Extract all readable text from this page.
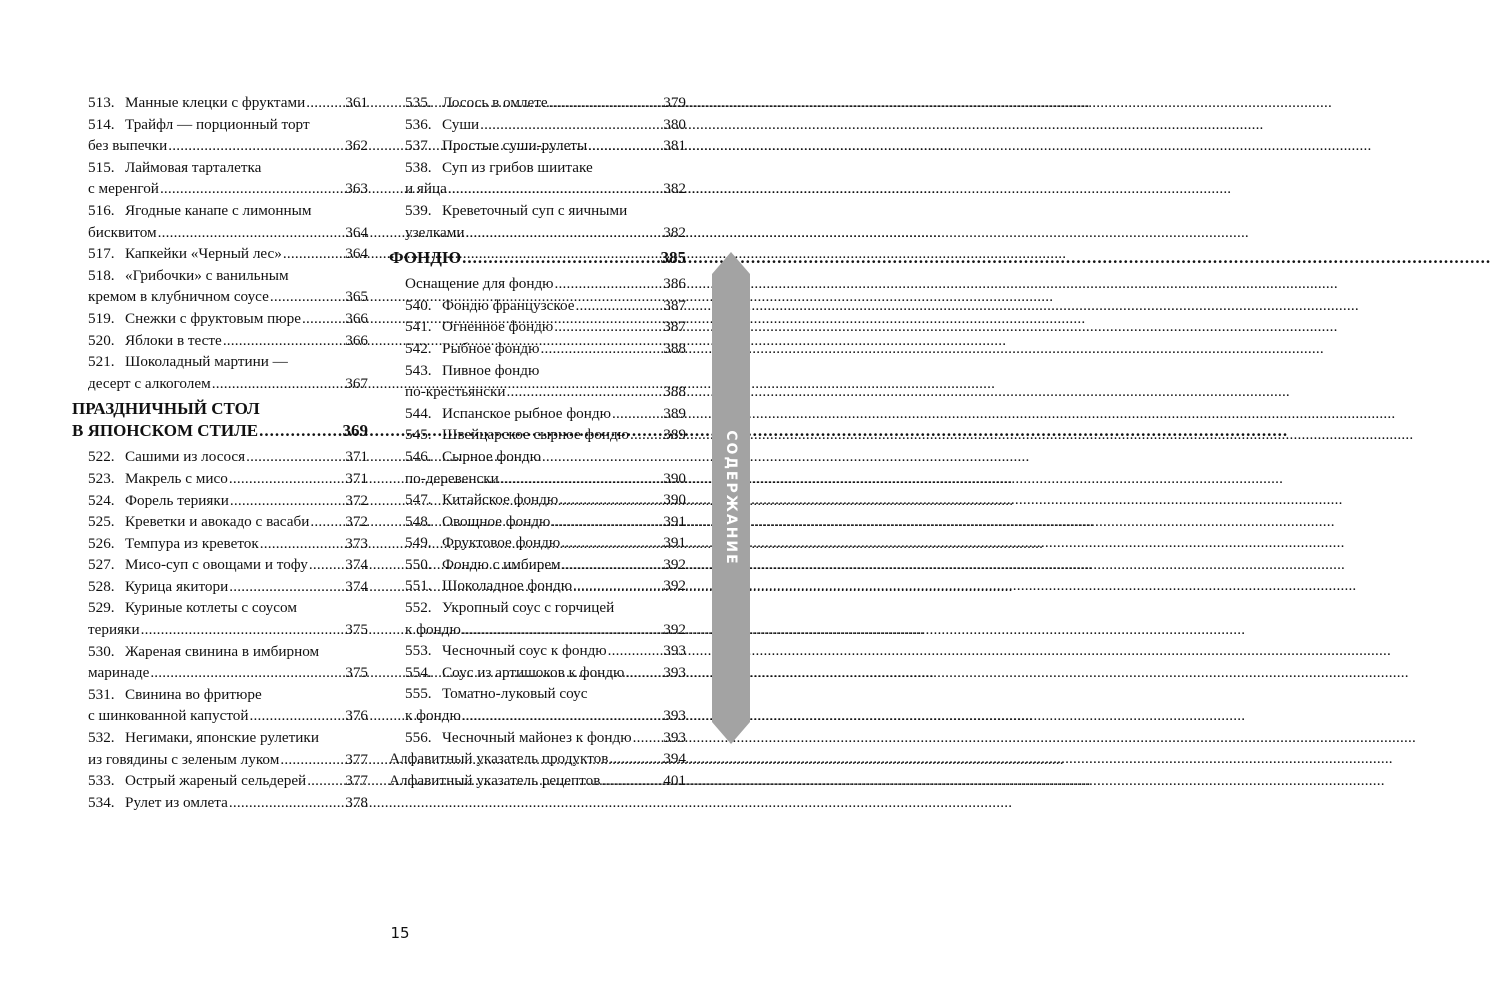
513. Манные клецки с фруктами .....	361
514. Трайфл — порционный торт
без выпечки .....	362
515. Лаймовая тарталетка
с меренгой .....	363
516. Ягодные канапе с лимонным
бисквитом .....	364
517. Капкейки «Черный лес» .....	364
518. «Грибочки» с ванильным
кремом в клубничном соусе .....	365
519. Снежки с фруктовым пюре .....	366
520. Яблоки в тесте .....	366
521. Шоколадный мартини —
десерт с алкоголем .....	367
ПРАЗДНИЧНЫЙ СТОЛ
В ЯПОНСКОМ СТИЛЕ .....	369
522. Сашими из лосося .....	371
523. Макрель с мисо .....	371
524. Форель терияки .....	372
525. Креветки и авокадо с васаби ..... 372
526. Темпура из креветок .....	373
527. Мисо-суп с овощами и тофу ..... 374
528. Курица якитори .....	374
529. Куриные котлеты с соусом
терияки .....	375
530. Жареная свинина в имбирном
маринаде .....	375
531. Свинина во фритюре
с шинкованной капустой .....	376
532. Негимаки, японские рулетики
из говядины с зеленым луком .....	377
533. Острый жареный сельдерей .....	377
534. Рулет из омлета .....	378
535. Лосось в омлете .....	379
536. Суши .....	380
537. Простые суши-рулеты .....	381
538. Суп из грибов шиитаке
и яйца .....	382
539. Креветочный суп с яичными
узелками .....	382
ФОНДЮ .....	385
Оснащение для фондю .....	386
540. Фондю французское .....	387
541. Огненное фондю .....	387
542. Рыбное фондю .....	388
543. Пивное фондю
по-крестьянски .....	388
544. Испанское рыбное фондю .....	389
545. Швейцарское сырное фондю ..... 389
546. Сырное фондю
по-деревенски .....	390
547. Китайское фондю .....	390
548. Овощное фондю .....	391
549. Фруктовое фондю .....	391
550. Фондю с имбирем .....	392
551. Шоколадное фондю .....	392
552. Укропный соус с горчицей
к фондю .....	392
553. Чесночный соус к фондю .....	393
554. Соус из артишоков к фондю .....	393
555. Томатно-луковый соус
к фондю .....	393
556. Чесночный майонез к фондю ..... 393
Алфавитный указатель продуктов .....	394
Алфавитный указатель рецептов .....	401
СОДЕРЖАНИЕ
15
